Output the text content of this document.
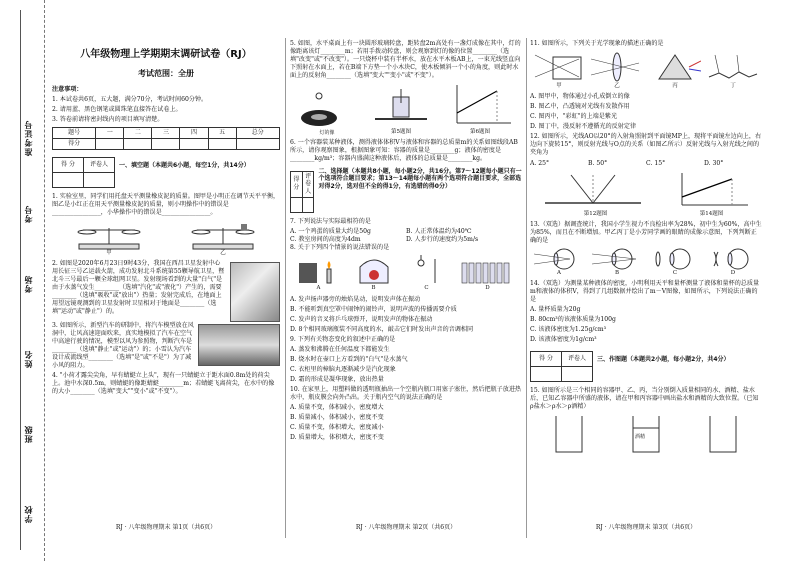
准考证号
考号
考场
姓名
班级
学校
八年级物理上学期期末调研试卷（RJ）
考试范围：全册

注意事项：

1. 本试卷共6页，五大题，满分70分，考试时间60分钟。

2. 请用蓝、黑色钢笔或圆珠笔直接答在试卷上。

3. 答卷前请将密封线内的项目填写清楚。

题号	一	二	三	四	五	总分
得分						
得 分	评卷人
	一、填空题（本题共6小题，每空1分，共14分）

1. 实验室里，同学们用托盘天平测量橡皮泥的质量。图甲是小明正在调节天平平衡，图乙是小红正在用天平测量橡皮泥的质量，则小明操作中的错误是________________，小华操作中的错误是________________。

甲	乙

2. 如图是2020年6月23日9时43分，我国在西昌卫星发射中心用长征三号乙运载火箭，成功发射北斗系统第55颗导航卫星，暨北斗三号最后一颗全球组网卫星。发射现场看到的大量"白气"是由于水蒸气发生________（选填"汽化"或"液化"）产生的，需要________（选填"吸收"或"放出"）热量；发射完成后，在地面上用望远镜观测到的卫星发射时卫星相对于地面是________（选填"运动"或"静止"）的。

3. 如图所示，新型汽车的研制中，将汽车模型放在风洞中，让风高速迎面吹来，真实地模拟了汽车在空气中高速行驶的情况，模型以风为参照物，判断汽车是________（选填"静止"或"运动"）的；小雪认为汽车设计成流线型________（选填"是"或"不是"）为了减小风的阻力。

4. "小荷才露尖尖角，早有蜻蜓立上头"，现有一只蜻蜓立于距水面0.8m处的荷尖上。池中水深0.5m，则蜻蜓的像距蜻蜓________m；若蜻蜓飞离荷尖，在水中的像的大小________（选填"变大""变小"或"不变"）。

RJ · 八年级物理期末 第1页（共6页）

5. 如图，水平桌面上有一块圆形玻璃转盘，距转盘2m高处有一盏灯成像在其中，灯的像距离该灯________m；若用手拨动转盘，则会观察到灯的像的位置________（选填"改变"或"不改变"）。一只烧杯中装有半杯水，放在水平木板AB上，一束光线竖直向下照射在水面上，若在B端下方垫一个小木块C，使木板倾斜一个小的角度，则此时水面上的反射角________（选填"变大""变小"或"不变"）。

灯的像	第5题图	第6题图

6. 一个容器装某种液体，测得液体体积V与液体和容器的总质量m的关系如图线段AB所示，请你观察图象，根据图象可知：容器的质量是________g；液体的密度是________kg/m³；容器内盛满这种液体后，液体的总质量是________kg。

得 分	评卷人

二、选择题（本题共8小题，每小题2分，共16分。第7～12题每小题只有一个选项符合题目要求；第13～14题每小题有两个选项符合题目要求，全部选对得2分，选对但不全的得1分，有选错的得0分）

7. 下列说法与实际最相符的是

A. 一个鸡蛋的质量大约是50g	B. 人正常体温约为40℃
C. 教室房间的高度为4dm	D. 人步行的速度约为5m/s

8. 关于下列四个情景的说法错误的是

A	B	C	D

A. 发声扬声器旁的烛焰晃动，说明发声体在振动

B. 不能听到真空罩中闹钟的闹铃声，说明声波的传播需要介质

C. 发声的音叉将乒乓球弹开，说明发声的物体在振动

D. 8个相同玻璃瓶装不同高度的水，敲击它们时发出声音的音调相同

9. 下列有关物态变化的叙述中正确的是

A. 蒸发和沸腾在任何温度下都能发生

B. 烧水时在壶口上方看到的"白气"是水蒸气

C. 衣柜里的樟脑丸逐渐减少是汽化现象

D. 霜的形成是凝华现象，放出热量

10. 在家里上，用塑料做的透明瓶抽出一个空瓶内瓶口用塞子塞住，然后把瓶子放进热水中，瓶皮膜会向外凸出。关于瓶内空气的说法正确的是

A. 质量不变，体积减小，密度增大

B. 质量减小，体积减小，密度不变

C. 质量不变，体积增大，密度减小

D. 质量增大，体积增大，密度不变

RJ · 八年级物理期末 第2页（共6页）

11. 如图所示，下列关于光学现象的描述正确的是

甲	乙	丙	丁

A. 图甲中，物体通过小孔成倒立的像

B. 图乙中，凸透镜对光线有发散作用

C. 图丙中，"彩虹"的上端是紫光

D. 图丁中，漫反射不遵循光的反射定律

12. 如图所示，光线AO以20°的入射角照射到平面镜MP上，现将平面镜左边向上，右边向下旋转15°，则反射光线与O点的关系（如图乙所示）反射光线与入射光线之间的夹角为

A. 25°	B. 50°	C. 15°	D. 30°
第12题图	第14题图

13.（双选）据调查统计，我国小学生视力不良检出率为28%，初中生为60%，高中生为85%，而且在不断增加。甲乙丙丁是小芳同学画的眼睛的成像示意图，下列判断正确的是

A	B	C	D

14.（双选）为测量某种液体的密度，小明利用天平和量杯测量了液体和量杯的总质量m和液体的体积V，得到了几组数据并绘出了m－V图像，如图所示，下列说法正确的是

A. 量杯质量为20g

B. 80cm³的该液体质量为100g

C. 该液体密度为1.25g/cm³

D. 该液体密度为1g/cm³

得 分	评卷人
	三、作图题（本题共2小题，每小题2分，共4分）

15. 如图所示是三个相同的容器甲、乙、丙，当分别倒入质量相同的水、酒精、盐水后，已知乙容器中所盛的液体，请在甲和丙容器中画出盐水和酒精的大致位置。（已知ρ盐水＞ρ水＞ρ酒精）

酒精
RJ · 八年级物理期末 第3页（共6页）
